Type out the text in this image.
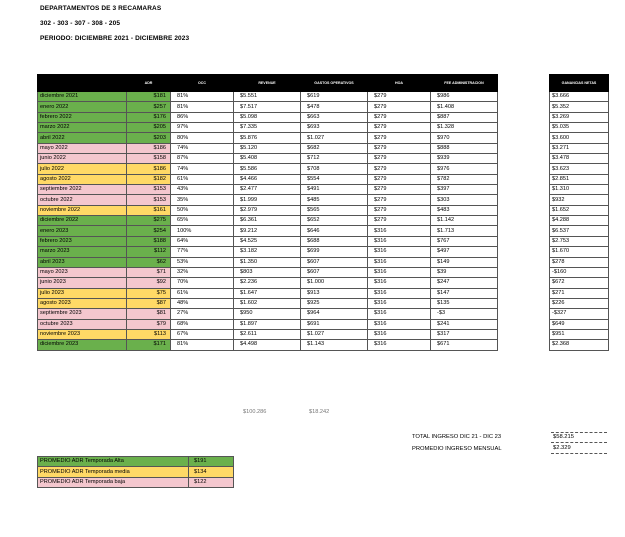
DEPARTAMENTOS DE 3 RECAMARAS
302 - 303 - 307 - 308 - 205
PERIODO: DICIEMBRE 2021 - DICIEMBRE 2023
	ADR	OCC	REVENUE	GASTOS OPERATIVOS	HOA	FEE ADMINISTRACION
diciembre 2021	$181	81%	$5.551	$619	$279	$986
enero 2022	$257	81%	$7.517	$478	$279	$1.408
febrero 2022	$176	86%	$5.098	$663	$279	$887
marzo 2022	$205	97%	$7.335	$693	$279	$1.328
abril 2022	$203	80%	$5.876	$1.027	$279	$970
mayo 2022	$186	74%	$5.120	$682	$279	$888
junio 2022	$158	87%	$5.408	$712	$279	$939
julio 2022	$186	74%	$5.586	$708	$279	$976
agosto 2022	$182	61%	$4.466	$554	$279	$782
septiembre 2022	$153	43%	$2.477	$491	$279	$397
octubre 2022	$153	35%	$1.999	$485	$279	$303
noviembre 2022	$161	50%	$2.979	$565	$279	$483
diciembre 2022	$275	65%	$6.361	$652	$279	$1.142
enero 2023	$254	100%	$9.212	$646	$316	$1.713
febrero 2023	$188	64%	$4.525	$688	$316	$767
marzo 2023	$112	77%	$3.182	$699	$316	$497
abril 2023	$62	53%	$1.350	$607	$316	$149
mayo 2023	$71	32%	$803	$607	$316	$39
junio 2023	$92	70%	$2.236	$1.000	$316	$247
julio 2023	$75	61%	$1.647	$913	$316	$147
agosto 2023	$87	48%	$1.602	$925	$316	$135
septiembre 2023	$81	27%	$950	$964	$316	-$3
octubre 2023	$79	68%	$1.897	$691	$316	$241
noviembre 2023	$113	67%	$2.611	$1.027	$316	$317
diciembre 2023	$171	81%	$4.498	$1.143	$316	$671
GANANCIAS NETAS
$3.666
$5.352
$3.269
$5.035
$3.600
$3.271
$3.478
$3.623
$2.851
$1.310
$932
$1.652
$4.288
$6.537
$2.753
$1.670
$278
-$160
$672
$271
$226
-$327
$649
$951
$2.368
$100.286	$18.242
TOTAL INGRESO DIC 21 - DIC 23	$58.215
PROMEDIO INGRESO MENSUAL	$2.329
PROMEDIO ADR Temporada Alta	$191
PROMEDIO ADR Temporada media	$134
PROMEDIO ADR Temporada baja	$122
